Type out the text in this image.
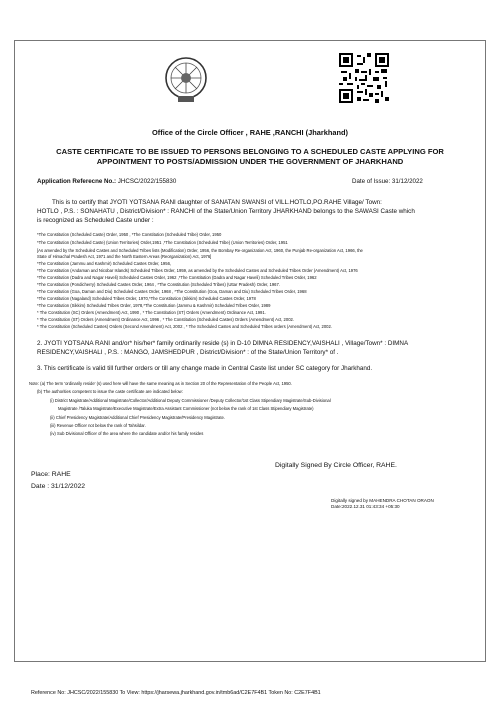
Office of the Circle Officer , RAHE ,RANCHI (Jharkhand)
CASTE CERTIFICATE TO BE ISSUED TO PERSONS BELONGING TO A SCHEDULED CASTE APPLYING FOR
APPOINTMENT TO POSTS/ADMISSION UNDER THE GOVERNMENT OF JHARKHAND
Application Referecne No.: JHCSC/2022/155830	Date of Issue: 31/12/2022
This is to certify that JYOTI YOTSANA RANI daughter of SANATAN SWANSI of VILL.HOTLO,PO.RAHE Village/ Town:
HOTLO , P.S. : SONAHATU , District/Division* : RANCHI of the State/Union Territory JHARKHAND belongs to the SAWASI Caste which
is recognized as Scheduled Caste under :
*The Constitution (Scheduled Caste) Order, 1950 , *The Constitution (Scheduled Tribe) Order, 1950
*The Constitution (Scheduled Caste) (Union Territories) Order,1951 ,*The Constitution (Scheduled Tribe) (Union Territories) Order, 1951
[As amended by the Scheduled Castes and Scheduled Tribes lists (Modification) Order, 1956, the Bombay Re-organization Act, 1960, the Punjab Re-organization Act, 1966, the
State of Himachal Pradesh Act, 1971 and the North Eastern Areas (Reorganization) Act, 1976]
*The Constitution (Jammu and Kashmir) Scheduled Castes Order, 1956,
*The Constitution (Andaman and Nicobar Islands) Scheduled Tribes Order, 1959, as amended by the Scheduled Castes and Scheduled Tribes Order (Amendment) Act, 1976
*The Constitution (Dadra and Nagar Haveli) Scheduled Castes Order, 1962 ,*The Constitution (Dadra and Nagar Haveli) Scheduled Tribes Order, 1962
*The Constitution (Pondicherry) Scheduled Castes Order, 1964 , *The Constitution (Scheduled Tribes) (Uttar Pradesh) Order, 1967.
*The Constitution (Goa, Daman and Diu) Scheduled Castes Order, 1968 , *The Constitution (Goa, Daman and Diu) Scheduled Tribes Order, 1968
*The Constitution (Nagaland) Scheduled Tribes Order, 1970,*The Constitution (Sikkim) Scheduled Castes Order, 1978
*The Constitution (Sikkim) Scheduled Tribes Order, 1978,*The Constitution (Jammu & Kashmir) Scheduled Tribes Order, 1989
* The Constitution (SC) Orders (Amendment) Act, 1990 , * The Constitution (ST) Orders (Amendment) Ordinance Act, 1991.
* The Constitution (ST) Orders (Amendment) Ordinance Act, 1996 , * The Constitution (Scheduled Castes) Orders (Amendment) Act, 2002.
* The Constitution (Scheduled Castes) Orders (Second Amendment) Act, 2002 , * The Scheduled Castes and Scheduled Tribes orders (Amendment) Act, 2002.
2. JYOTI YOTSANA RANI and/or* his/her* family ordinarily reside (s) in D-10 DIMNA RESIDENCY,VAISHALI , Village/Town* : DIMNA
RESIDENCY,VAISHALI , P.S. : MANGO, JAMSHEDPUR , District/Division* : of the State/Union Territory* of .
3. This certificate is valid till further orders or till any change made in Central Caste list under SC category for Jharkhand.
Note: (a) The term 'ordinarily reside' (s) used here will have the same meaning as in Section 20 of the Representation of the People Act, 1950.
(b) The authorities competent to issue the caste certificate are indicated below:
(i) District Magistrate/Additional Magistrate/Collector/Additional Deputy Commissioner /Deputy Collector/1st Class Stipendiary Magistrate/Sub-Divisional
Magistrate /Taluka Magistrate/Executive Magistrate/Extra Assistant Commissioner (not below the rank of 1st Class Stipendiary Magistrate)
(ii) Chief Presidency Magistrate/Additional Chief Presidency Magistrate/Presidency Magistrate.
(iii) Revenue Officer not below the rank of Tahsildar.
(iv) Sub Divisional Officer of the area where the candidate and/or his family resides
Digitally Signed By Circle Officer, RAHE.
Place: RAHE
Date : 31/12/2022
Digitally signed by MAHENDRA CHOTAN ORAON
Date:2022.12.31 01:43:34 +05:30
Reference No: JHCSC/2022/155830 To View: https://jharsewa.jharkhand.gov.in/tmb6ad/C2E7F4B1 Token No: C2E7F4B1
